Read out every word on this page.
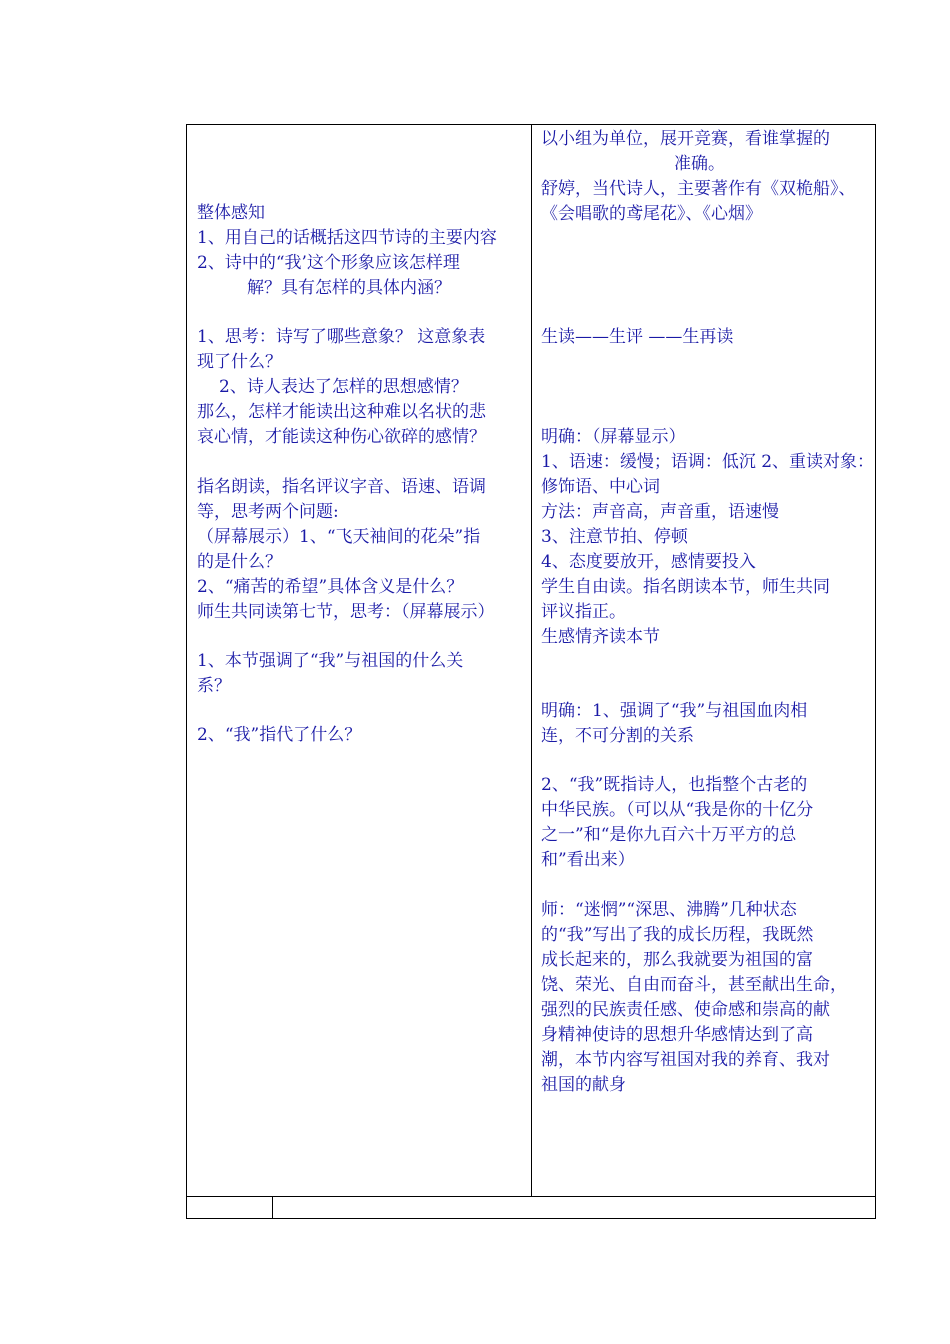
整体感知
1、用自己的话概括这四节诗的主要内容
2、诗中的“我’这个形象应该怎样理
解？具有怎样的具体内涵？
1、思考：诗写了哪些意象？ 这意象表
现了什么？
2、诗人表达了怎样的思想感情？
那么，怎样才能读出这种难以名状的悲
哀心情，才能读这种伤心欲碎的感情？
指名朗读，指名评议字音、语速、语调
等，思考两个问题:
（屏幕展示）1、“飞天袖间的花朵”指
的是什么？
2、“痛苦的希望”具体含义是什么？
师生共同读第七节，思考：（屏幕展示）
1、本节强调了“我”与祖国的什么关
系？
2、“我”指代了什么？
以小组为单位，展开竞赛，看谁掌握的
准确。
舒婷，当代诗人，主要著作有《双桅船》、
《会唱歌的鸢尾花》、《心烟》
生读——生评 ——生再读
明确：（屏幕显示）
1、语速：缓慢；语调：低沉 2、重读对象：
修饰语、中心词
方法：声音高，声音重，语速慢
3、注意节拍、停顿
4、态度要放开，感情要投入
学生自由读。指名朗读本节，师生共同
评议指正。
生感情齐读本节
明确：1、强调了“我”与祖国血肉相
连，不可分割的关系
2、“我”既指诗人，也指整个古老的
中华民族。（可以从“我是你的十亿分
之一”和“是你九百六十万平方的总
和”看出来）
师：“迷惘”“深思、沸腾”几种状态
的“我”写出了我的成长历程，我既然
成长起来的，那么我就要为祖国的富
饶、荣光、自由而奋斗，甚至献出生命，
强烈的民族责任感、使命感和崇高的献
身精神使诗的思想升华感情达到了高
潮，本节内容写祖国对我的养育、我对
祖国的献身
